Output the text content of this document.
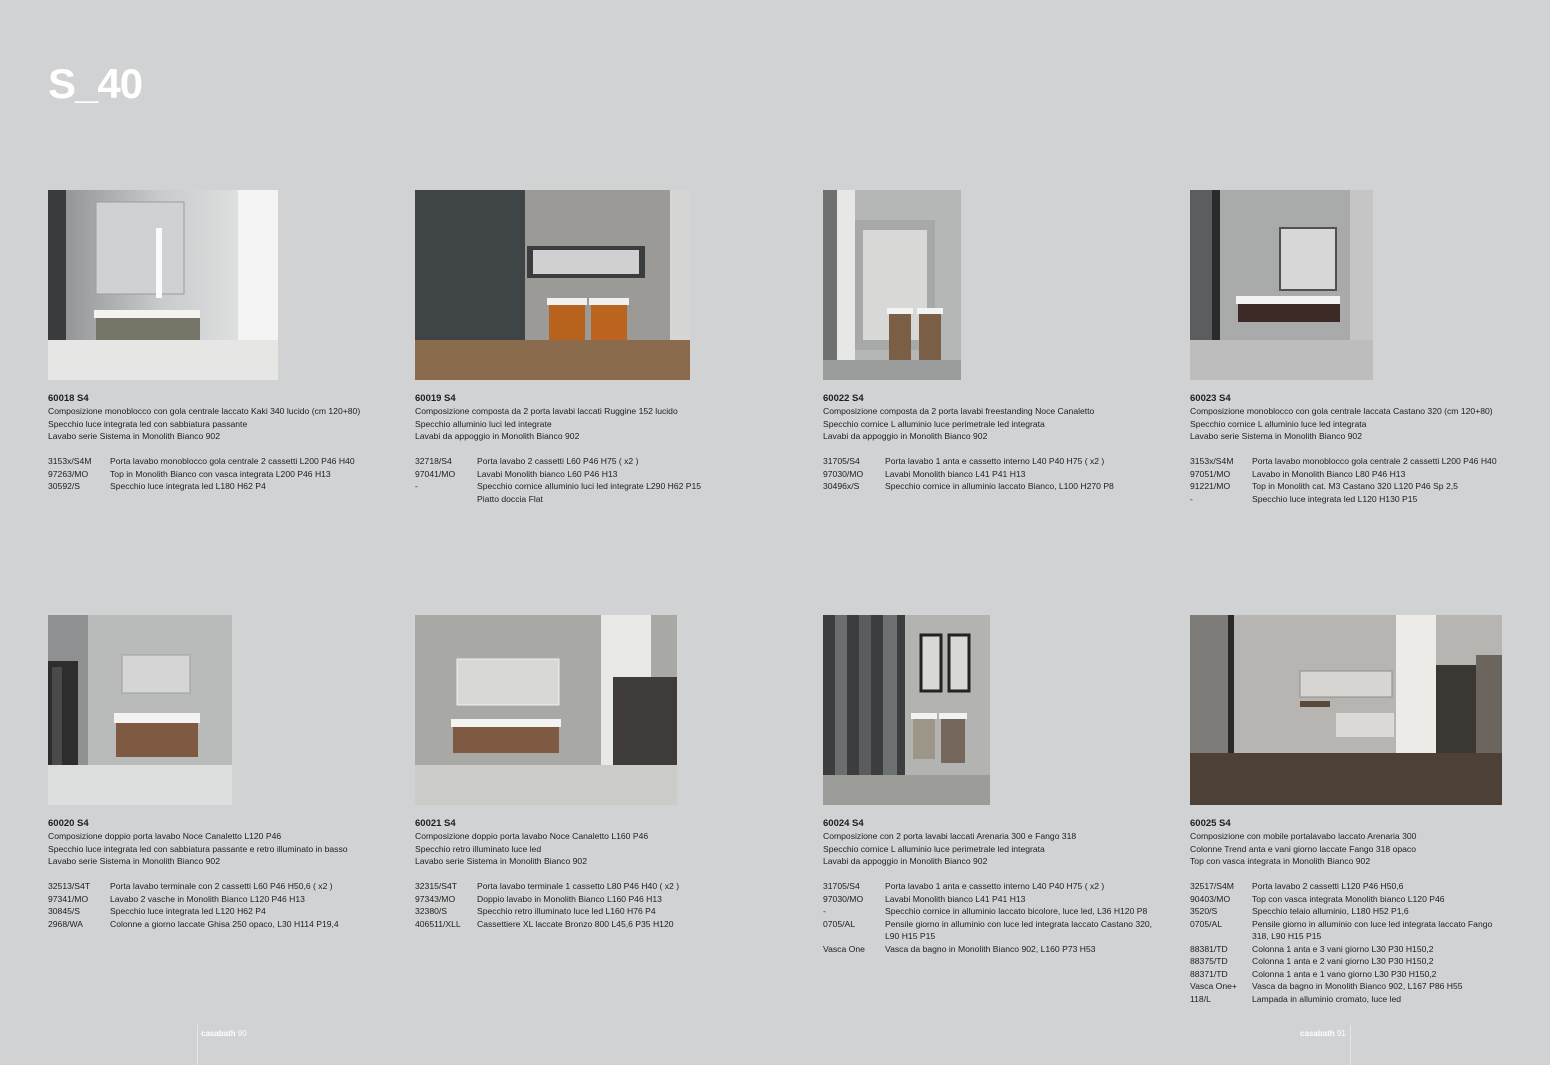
S_40
60018 S4
Composizione monoblocco con gola centrale laccato Kaki 340 lucido (cm 120+80)
Specchio luce integrata led con sabbiatura passante
Lavabo serie Sistema in Monolith Bianco 902
3153x/S4M	Porta lavabo monoblocco gola centrale 2 cassetti L200 P46 H40
97263/MO	Top in Monolith Bianco con vasca integrata L200 P46 H13
30592/S	Specchio luce integrata led L180 H62 P4
60019 S4
Composizione composta da 2 porta lavabi laccati Ruggine 152 lucido
Specchio alluminio luci led integrate
Lavabi da appoggio in Monolith Bianco 902
32718/S4	Porta lavabo 2 cassetti L60 P46 H75 ( x2 )
97041/MO	Lavabi Monolith bianco L60 P46 H13
-	Specchio cornice alluminio luci led integrate L290 H62 P15
Piatto doccia Flat
60022 S4
Composizione composta da 2 porta lavabi freestanding Noce Canaletto
Specchio cornice L alluminio luce perimetrale led integrata
Lavabi da appoggio in Monolith Bianco 902
31705/S4	Porta lavabo 1 anta e cassetto interno L40 P40 H75 ( x2 )
97030/MO	Lavabi Monolith bianco L41 P41 H13
30496x/S	Specchio cornice in alluminio laccato Bianco, L100 H270 P8
60023 S4
Composizione monoblocco con gola centrale laccata Castano 320 (cm 120+80)
Specchio cornice L alluminio luce led integrata
Lavabo serie Sistema in Monolith Bianco 902
3153x/S4M	Porta lavabo monoblocco gola centrale 2 cassetti L200 P46 H40
97051/MO	Lavabo in Monolith Bianco L80 P46 H13
91221/MO	Top in Monolith cat. M3 Castano 320 L120 P46 Sp 2,5
-	Specchio luce integrata led L120 H130 P15
60020 S4
Composizione doppio porta lavabo Noce Canaletto L120 P46
Specchio luce integrata led con sabbiatura passante e retro illuminato in basso
Lavabo serie Sistema in Monolith Bianco 902
32513/S4T	Porta lavabo terminale con 2 cassetti L60 P46 H50,6 ( x2 )
97341/MO	Lavabo 2 vasche in Monolith Bianco L120 P46 H13
30845/S	Specchio luce integrata led L120 H62 P4
2968/WA	Colonne a giorno laccate Ghisa 250 opaco, L30 H114 P19,4
60021 S4
Composizione doppio porta lavabo Noce Canaletto L160 P46
Specchio retro illuminato luce led
Lavabo serie Sistema in Monolith Bianco 902
32315/S4T	Porta lavabo terminale 1 cassetto L80 P46 H40 ( x2 )
97343/MO	Doppio lavabo in Monolith Bianco L160 P46 H13
32380/S	Specchio retro illuminato luce led L160 H76 P4
406511/XLL	Cassettiere XL laccate Bronzo 800 L45,6 P35 H120
60024 S4
Composizione con 2 porta lavabi laccati Arenaria 300 e Fango 318
Specchio cornice L alluminio luce perimetrale led integrata
Lavabi da appoggio in Monolith Bianco 902
31705/S4	Porta lavabo 1 anta e cassetto interno L40 P40 H75 ( x2 )
97030/MO	Lavabi Monolith bianco L41 P41 H13
-	Specchio cornice in alluminio laccato bicolore, luce led, L36 H120 P8
0705/AL	Pensile giorno in alluminio con luce led integrata laccato Castano 320, L90 H15 P15
Vasca One	Vasca da bagno in Monolith Bianco 902, L160 P73 H53
60025 S4
Composizione con mobile portalavabo laccato Arenaria 300
Colonne Trend anta e vani giorno laccate Fango 318 opaco
Top con vasca integrata in Monolith Bianco 902
32517/S4M	Porta lavabo 2 cassetti L120 P46 H50,6
90403/MO	Top con vasca integrata Monolith bianco L120 P46
3520/S	Specchio telaio alluminio, L180 H52 P1,6
0705/AL	Pensile giorno in alluminio con luce led integrata laccato Fango 318, L90 H15 P15
88381/TD	Colonna 1 anta e 3 vani giorno L30 P30 H150,2
88375/TD	Colonna 1 anta e 2 vani giorno L30 P30 H150,2
88371/TD	Colonna 1 anta e 1 vano giorno L30 P30 H150,2
Vasca One+	Vasca da bagno in Monolith Bianco 902, L167 P86 H55
118/L	Lampada in alluminio cromato, luce led
casabath 90	casabath 91
